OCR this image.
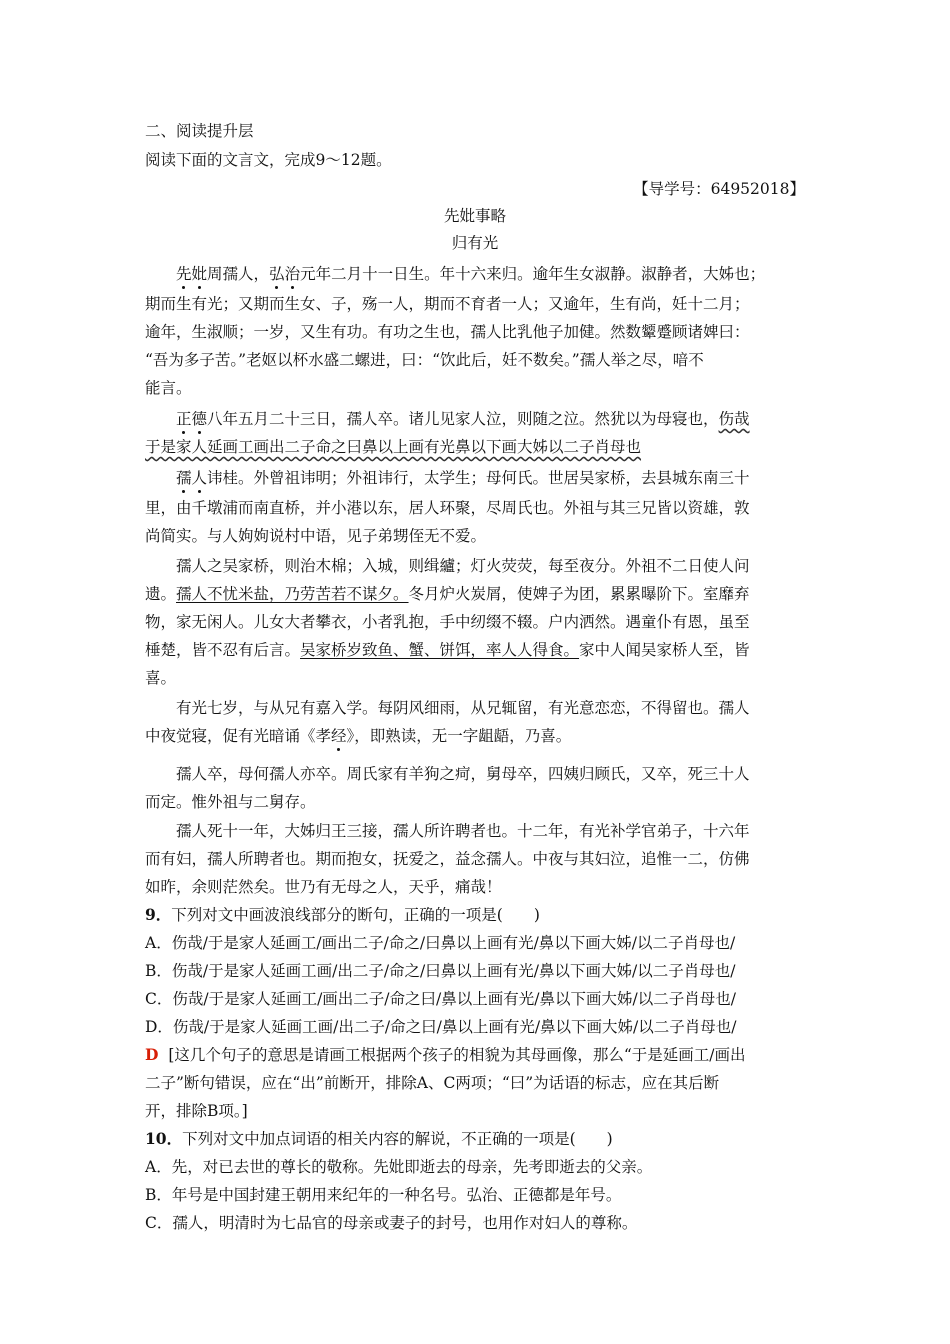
二、阅读提升层
阅读下面的文言文，完成9～12题。
【导学号：64952018】
先妣事略
归有光
先妣周孺人，弘治元年二月十一日生。年十六来归。逾年生女淑静。淑静者，大姊也；
期而生有光；又期而生女、子，殇一人，期而不育者一人；又逾年，生有尚，妊十二月；
逾年，生淑顺；一岁，又生有功。有功之生也，孺人比乳他子加健。然数颦蹙顾诸婢曰：
“吾为多子苦。”老妪以杯水盛二螺进，曰：“饮此后，妊不数矣。”孺人举之尽，喑不
能言。
正德八年五月二十三日，孺人卒。诸儿见家人泣，则随之泣。然犹以为母寝也，伤哉
于是家人延画工画出二子命之曰鼻以上画有光鼻以下画大姊以二子肖母也
孺人讳桂。外曾祖讳明；外祖讳行，太学生；母何氏。世居吴家桥，去县城东南三十
里，由千墩浦而南直桥，并小港以东，居人环聚，尽周氏也。外祖与其三兄皆以资雄，敦
尚简实。与人姁姁说村中语，见子弟甥侄无不爱。
孺人之吴家桥，则治木棉；入城，则缉纑；灯火荧荧，每至夜分。外祖不二日使人问
遗。孺人不忧米盐，乃劳苦若不谋夕。冬月炉火炭屑，使婢子为团，累累曝阶下。室靡弃
物，家无闲人。儿女大者攀衣，小者乳抱，手中纫缀不辍。户内洒然。遇童仆有恩，虽至
棰楚，皆不忍有后言。吴家桥岁致鱼、蟹、饼饵，率人人得食。家中人闻吴家桥人至，皆
喜。
有光七岁，与从兄有嘉入学。每阴风细雨，从兄辄留，有光意恋恋，不得留也。孺人
中夜觉寝，促有光暗诵《孝经》，即熟读，无一字龃龉，乃喜。
孺人卒，母何孺人亦卒。周氏家有羊狗之疴，舅母卒，四姨归顾氏，又卒，死三十人
而定。惟外祖与二舅存。
孺人死十一年，大姊归王三接，孺人所许聘者也。十二年，有光补学官弟子，十六年
而有妇，孺人所聘者也。期而抱女，抚爱之，益念孺人。中夜与其妇泣，追惟一二，仿佛
如昨，余则茫然矣。世乃有无母之人，天乎，痛哉！
9．下列对文中画波浪线部分的断句，正确的一项是(　　)
A．伤哉/于是家人延画工/画出二子/命之/曰鼻以上画有光/鼻以下画大姊/以二子肖母也/
B．伤哉/于是家人延画工画/出二子/命之/曰鼻以上画有光/鼻以下画大姊/以二子肖母也/
C．伤哉/于是家人延画工/画出二子/命之曰/鼻以上画有光/鼻以下画大姊/以二子肖母也/
D．伤哉/于是家人延画工画/出二子/命之曰/鼻以上画有光/鼻以下画大姊/以二子肖母也/
D [这几个句子的意思是请画工根据两个孩子的相貌为其母画像，那么“于是延画工/画出
二子”断句错误，应在“出”前断开，排除A、C两项；“曰”为话语的标志，应在其后断
开，排除B项。]
10．下列对文中加点词语的相关内容的解说，不正确的一项是(　　)
A．先，对已去世的尊长的敬称。先妣即逝去的母亲，先考即逝去的父亲。
B．年号是中国封建王朝用来纪年的一种名号。弘治、正德都是年号。
C．孺人，明清时为七品官的母亲或妻子的封号，也用作对妇人的尊称。
